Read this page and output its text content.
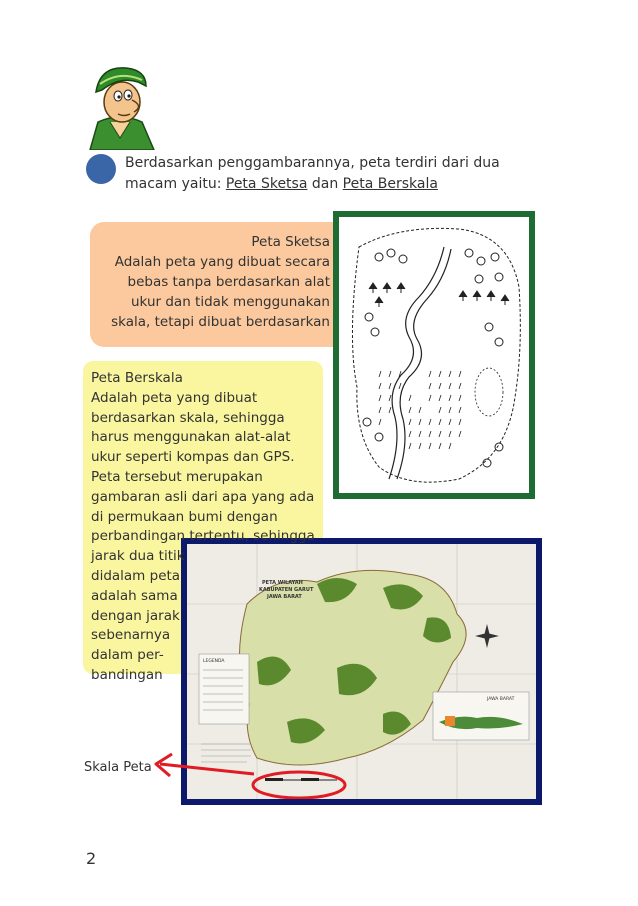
Berdasarkan penggambarannya, peta terdiri dari dua macam yaitu: Peta Sketsa dan Peta Berskala
Peta Sketsa
Adalah peta yang dibuat secara
bebas tanpa berdasarkan alat
ukur dan tidak menggunakan
skala, tetapi dibuat berdasarkan
PETA WILAYAH
KABUPATEN GARUT
JAWA BARAT
LEGENDA
JAWA BARAT
Peta Berskala
Adalah peta yang dibuat
berdasarkan skala, sehingga
harus menggunakan alat-alat
ukur seperti kompas dan GPS.
Peta tersebut merupakan
gambaran asli dari apa yang ada
di permukaan bumi dengan
perbandingan tertentu, sehingga
jarak dua titik
didalam peta
adalah sama
dengan jarak
sebenarnya
dalam per-
bandingan
Skala Peta
2
